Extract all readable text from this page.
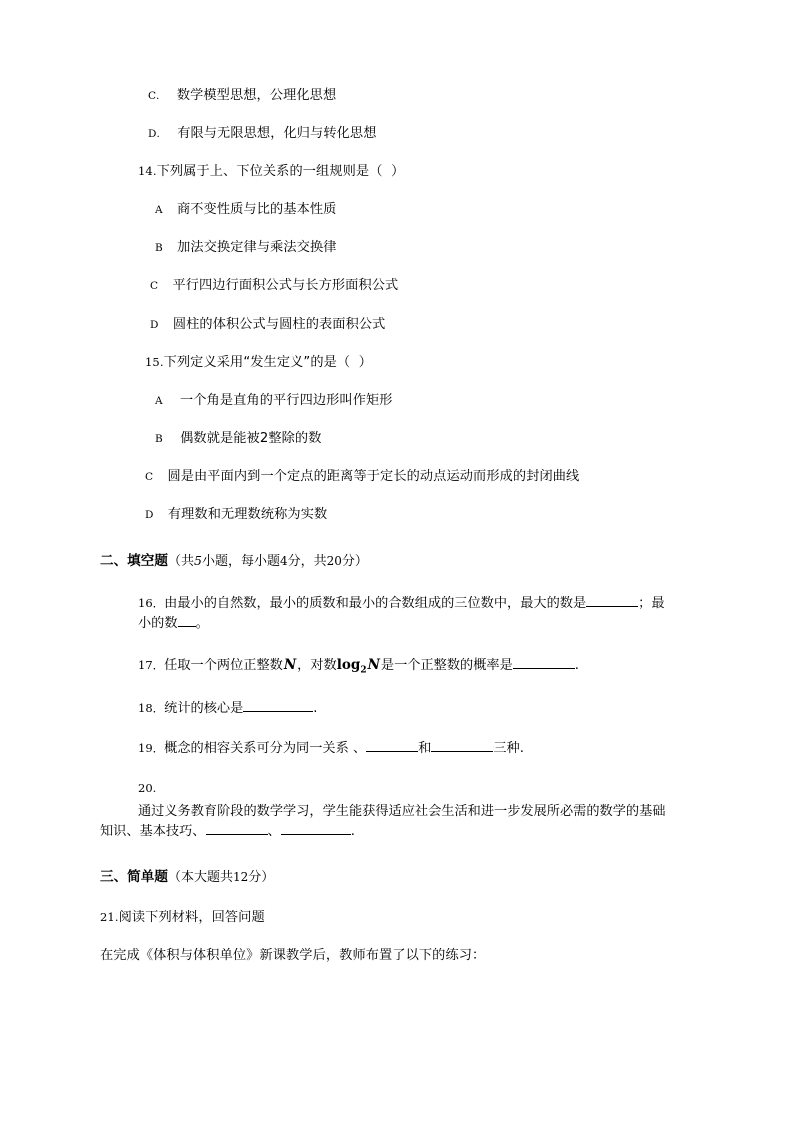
C. 数学模型思想，公理化思想

D. 有限与无限思想，化归与转化思想

14.下列属于上、下位关系的一组规则是（  ）

A 商不变性质与比的基本性质

B 加法交换定律与乘法交换律

C 平行四边行面积公式与长方形面积公式

D 圆柱的体积公式与圆柱的表面积公式

15.下列定义采用“发生定义”的是（  ）

A 一个角是直角的平行四边形叫作矩形

B 偶数就是能被2整除的数

C 圆是由平面内到一个定点的距离等于定长的动点运动而形成的封闭曲线

D 有理数和无理数统称为实数

二、填空题（共5小题，每小题4分，共20分）

16．由最小的自然数，最小的质数和最小的合数组成的三位数中，最大的数是	；最小的数 。

17．任取一个两位正整数N，对数$\log_2N$是一个正整数的概率是	.

18．统计的核心是	.

19．概念的相容关系可分为同一关系 、	和	三种.

20.

通过义务教育阶段的数学学习，学生能获得适应社会生活和进一步发展所必需的数学的基础知识、基本技巧、	、	.

三、简单题（本大题共12分）

21.阅读下列材料，回答问题

在完成《体积与体积单位》新课教学后，教师布置了以下的练习：
